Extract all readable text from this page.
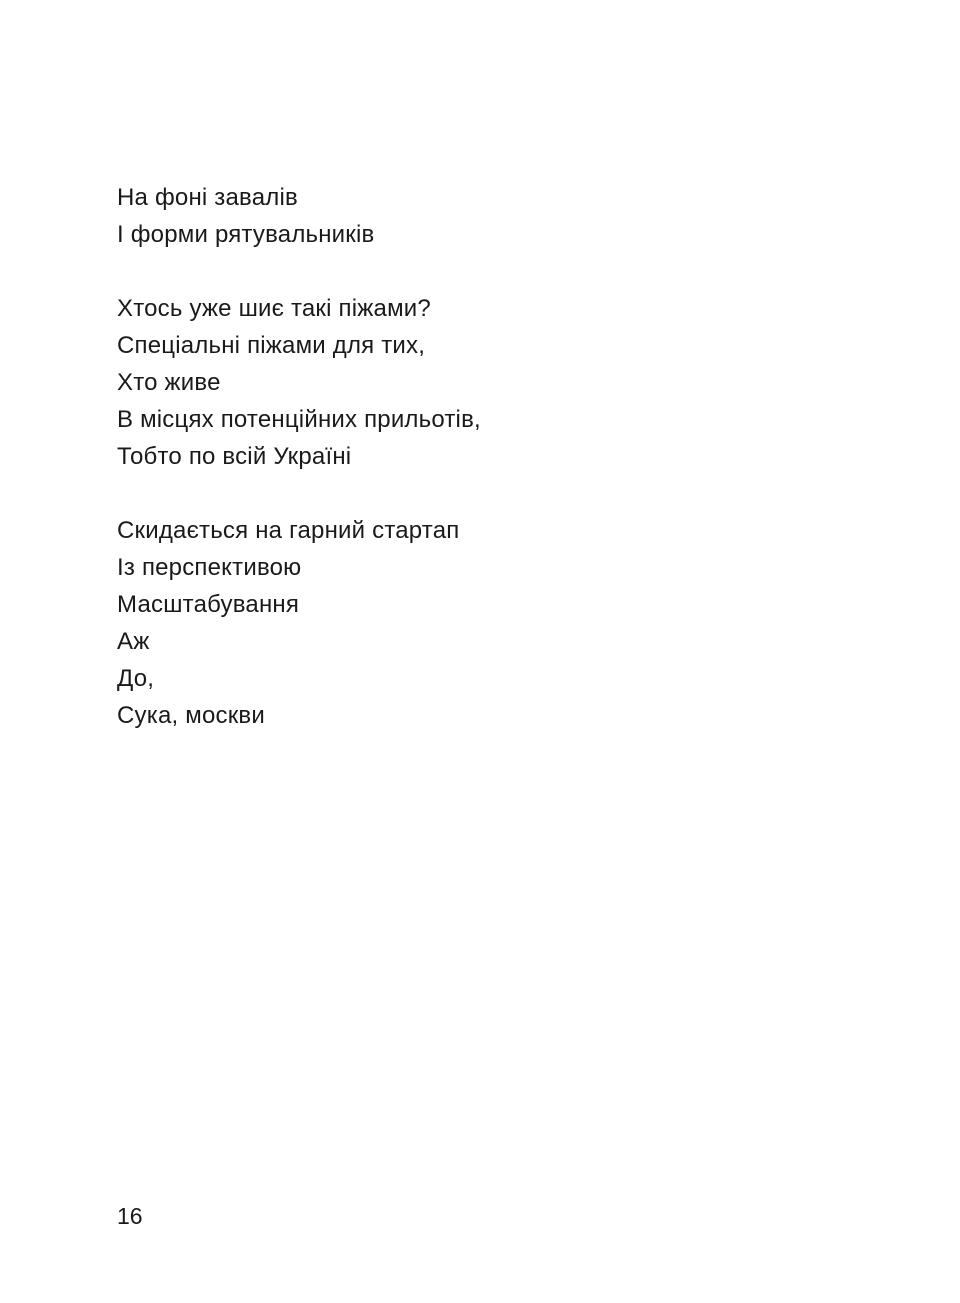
На фоні завалів
І форми рятувальників
Хтось уже шиє такі піжами?
Спеціальні піжами для тих,
Хто живе
В місцях потенційних прильотів,
Тобто по всій Україні
Скидається на гарний стартап
Із перспективою
Масштабування
Аж
До,
Сука, москви
16
